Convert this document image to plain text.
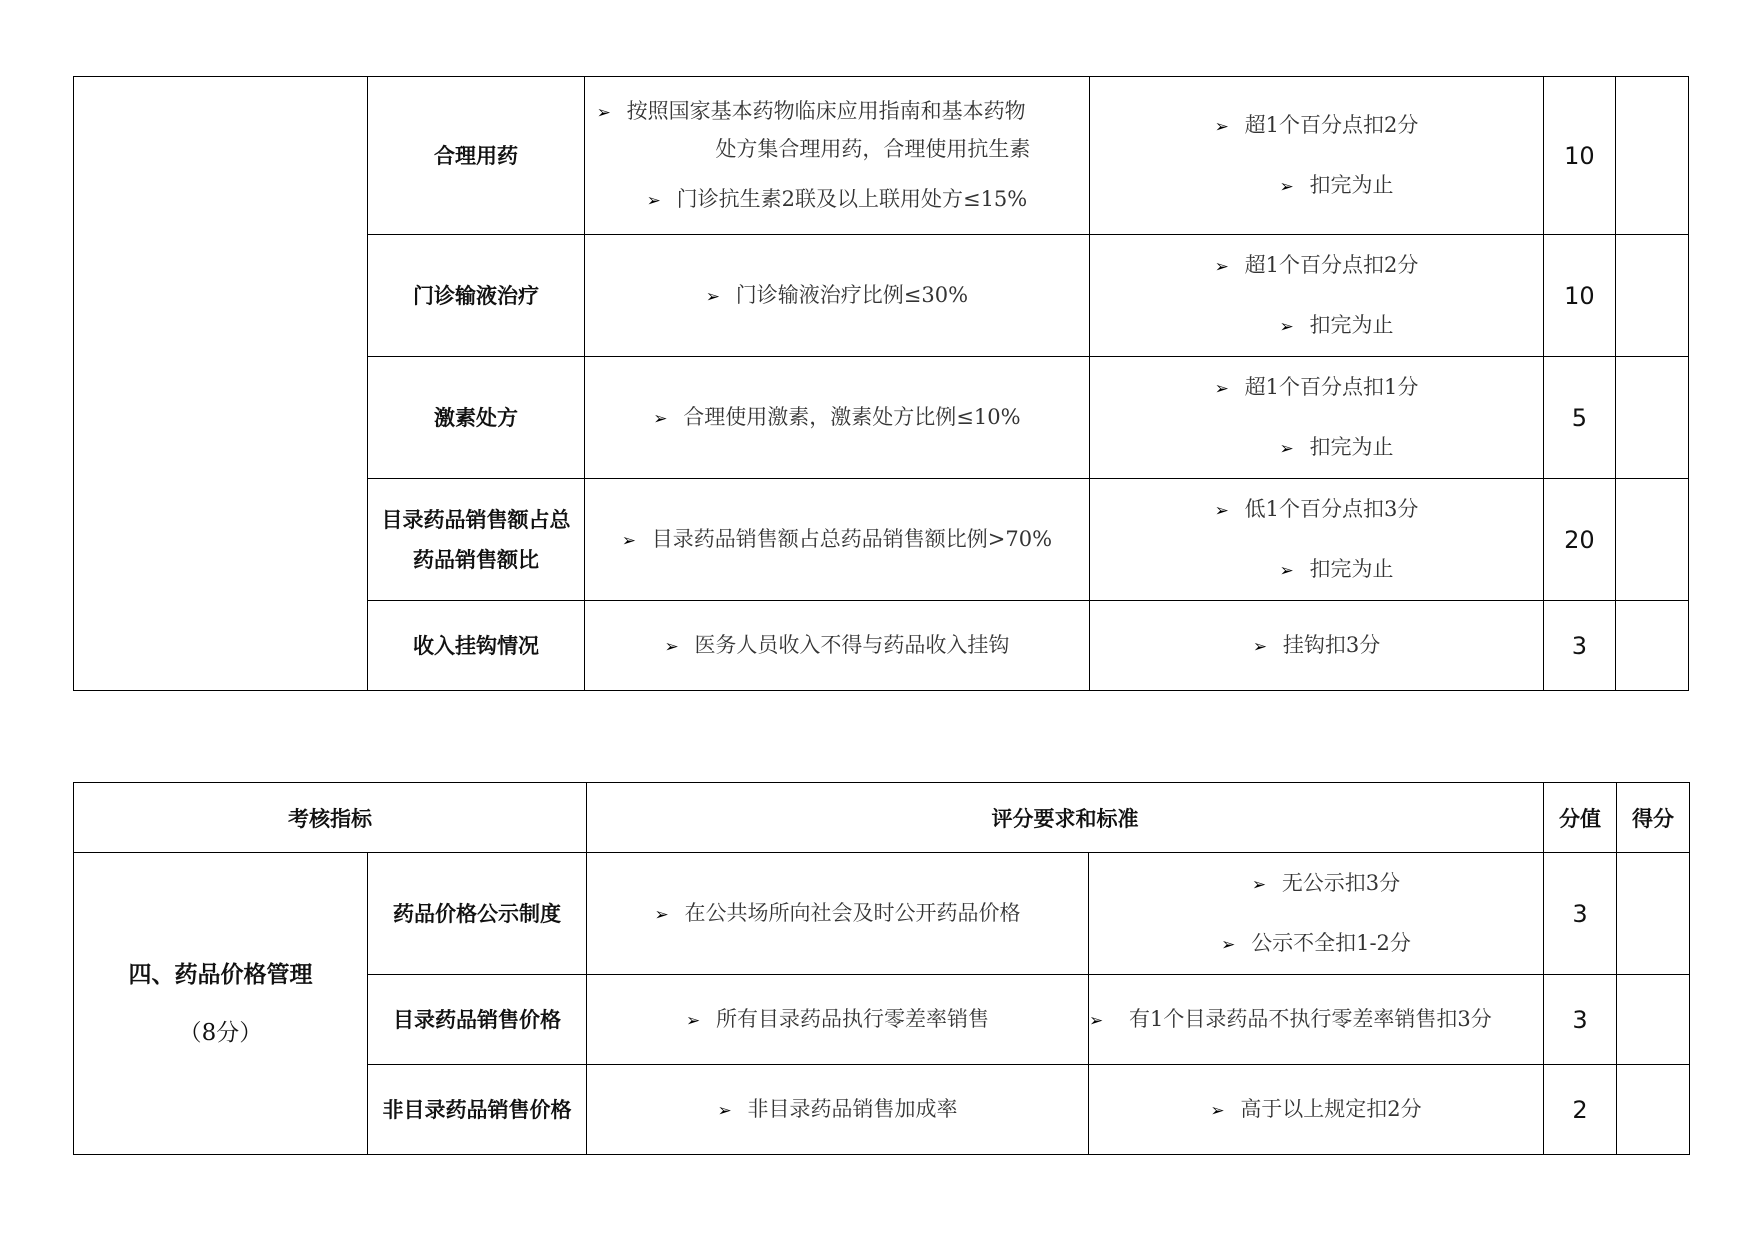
	合理用药	➢ 按照国家基本药物临床应用指南和基本药物
处方集合理用药，合理使用抗生素
➢ 门诊抗生素2联及以上联用处方≤15%	➢ 超1个百分点扣2分
➢ 扣完为止	10	
	门诊输液治疗	➢ 门诊输液治疗比例≤30%	➢ 超1个百分点扣2分
➢ 扣完为止	10	
	激素处方	➢ 合理使用激素，激素处方比例≤10%	➢ 超1个百分点扣1分
➢ 扣完为止	5	

	目录药品销售额占总
药品销售额比	➢ 目录药品销售额占总药品销售额比例>70%	➢ 低1个百分点扣3分
➢ 扣完为止	20	
	收入挂钩情况	➢ 医务人员收入不得与药品收入挂钩	➢ 挂钩扣3分	3	
考核指标		评分要求和标准		分值	得分

四、药品价格管理
（8分）	药品价格公示制度	➢ 在公共场所向社会及时公开药品价格	➢ 无公示扣3分
➢ 公示不全扣1-2分	3	
	目录药品销售价格	➢ 所有目录药品执行零差率销售	➢ 有1个目录药品不执行零差率销售扣3分	3	
	非目录药品销售价格	➢ 非目录药品销售加成率	➢ 高于以上规定扣2分	2	
